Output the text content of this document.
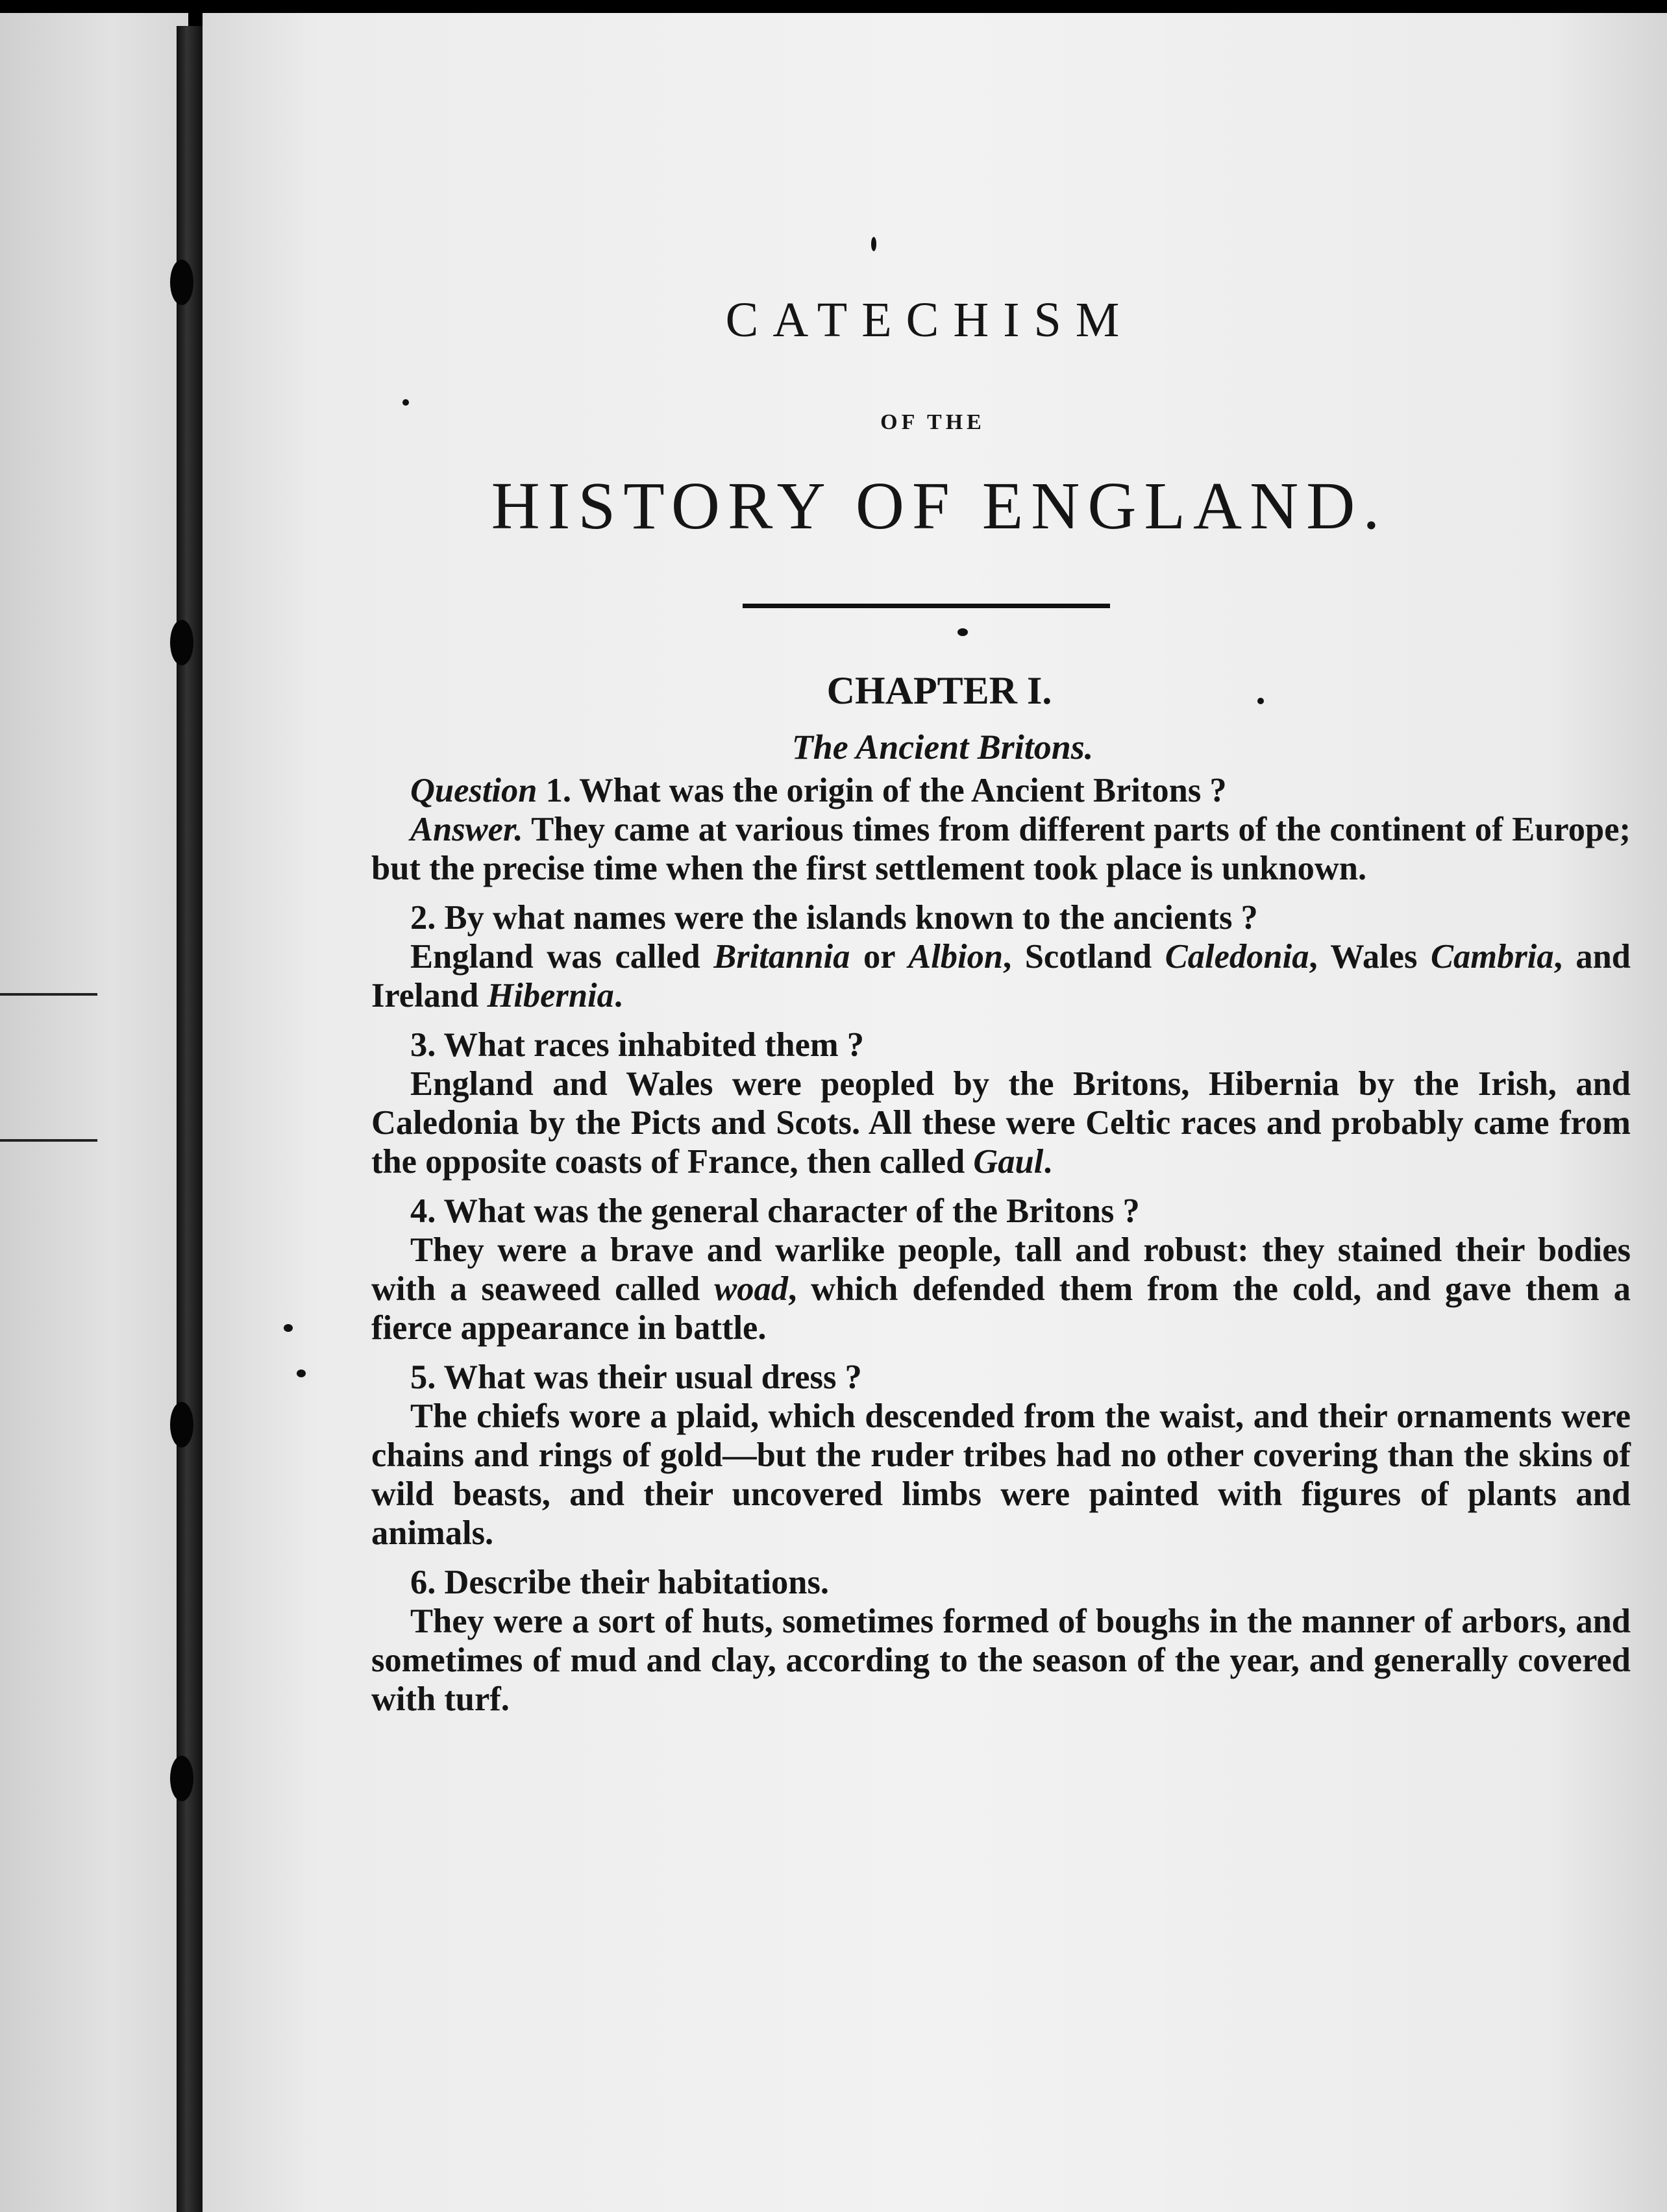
CATECHISM
OF THE
HISTORY OF ENGLAND.
CHAPTER I.
The Ancient Britons.
Question 1. What was the origin of the Ancient Britons ?
Answer. They came at various times from different parts of the continent of Europe; but the precise time when the first settlement took place is unknown.
2. By what names were the islands known to the ancients ?
England was called Britannia or Albion, Scotland Caledonia, Wales Cambria, and Ireland Hibernia.
3. What races inhabited them ?
England and Wales were peopled by the Britons, Hibernia by the Irish, and Caledonia by the Picts and Scots. All these were Celtic races and probably came from the opposite coasts of France, then called Gaul.
4. What was the general character of the Britons ?
They were a brave and warlike people, tall and robust: they stained their bodies with a seaweed called woad, which defended them from the cold, and gave them a fierce appearance in battle.
5. What was their usual dress ?
The chiefs wore a plaid, which descended from the waist, and their ornaments were chains and rings of gold—but the ruder tribes had no other covering than the skins of wild beasts, and their uncovered limbs were painted with figures of plants and animals.
6. Describe their habitations.
They were a sort of huts, sometimes formed of boughs in the manner of arbors, and sometimes of mud and clay, according to the season of the year, and generally covered with turf.
